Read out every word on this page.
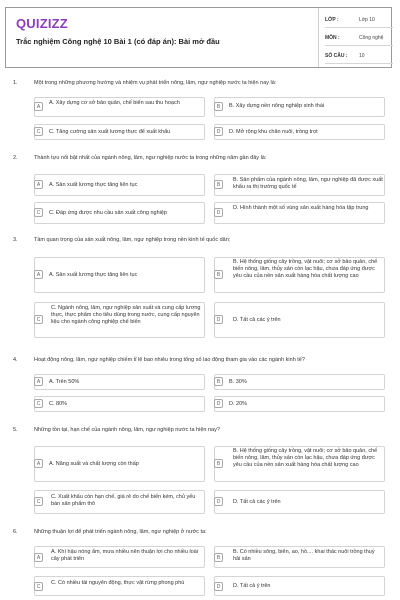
QUIZIZZ
Trắc nghiệm Công nghệ 10 Bài 1 (có đáp án): Bài mở đầu
LỚP :	Lớp 10
MÔN :	Công nghệ
SỐ CÂU :	10
1.	Một trong những phương hướng và nhiệm vụ phát triển nông, lâm, ngư nghiệp nước ta hiện nay là:
A
A. Xây dựng cơ sở bảo quản, chế biến sau thu hoạch
B	B. Xây dựng nền nông nghiệp sinh thái
C	C. Tăng cường sản xuất lương thực để xuất khẩu	D	D. Mở rộng khu chăn nuôi, trồng trọt
2.	Thành tựu nổi bật nhất của ngành nông, lâm, ngư nghiệp nước ta trong những năm gần đây là:
A	A. Sản xuất lương thực tăng liên tục	B
B. Sản phẩm của ngành nông, lâm, ngư nghiệp đã được xuất khẩu ra thị trường quốc tế
C	C. Đáp ứng được nhu cầu sản xuất công nghiệp	D
D. Hình thành một số vùng sản xuất hàng hóa tập trung
3.	Tầm quan trọng của sản xuất nông, lâm, ngư nghiệp trong nền kinh tế quốc dân:
A	A. Sản xuất lương thực tăng liên tục	B
B. Hệ thống giống cây trồng, vật nuôi; cơ sở bảo quản, chế biến nông, lâm, thủy sản còn lạc hậu, chưa đáp ứng được yêu cầu của nền sản xuất hàng hóa chất lượng cao
C
C. Ngành nông, lâm, ngư nghiệp sản xuất và cung cấp lương thực, thực phẩm cho tiêu dùng trong nước, cung cấp nguyên liệu cho ngành công nghiệp chế biến	D	D. Tất cả các ý trên
4.	Hoạt động nông, lâm, ngư nghiệp chiếm tỉ lệ bao nhiêu trong tổng số lao động tham gia vào các ngành kinh tế?
A	A. Trên 50%	B	B. 30%
C	C. 80%	D	D. 20%
5.	Những tồn tại, hạn chế của ngành nông, lâm, ngư nghiệp nước ta hiện nay?
A	A. Năng suất và chất lượng còn thấp	B
B. Hệ thống giống cây trồng, vật nuôi; cơ sở bảo quản, chế biến nông, lâm, thủy sản còn lạc hậu, chưa đáp ứng được yêu cầu của nền sản xuất hàng hóa chất lượng cao
C
C. Xuất khẩu còn hạn chế, giá rẻ do chế biến kém, chủ yếu bán sản phẩm thô	D	D. Tất cả các ý trên
6.	Những thuận lợi để phát triển ngành nông, lâm, ngư nghiệp ở nước ta:
A
A. Khí hậu nóng ẩm, mưa nhiều nên thuận lợi cho nhiều loài cây phát triển	B
B. Có nhiều sông, biển, ao, hồ.... khai thác nuôi trồng thuỷ hải sản
C
C. Có nhiều tài nguyên động, thực vật rừng phong phú
D	D. Tất cả ý trên
